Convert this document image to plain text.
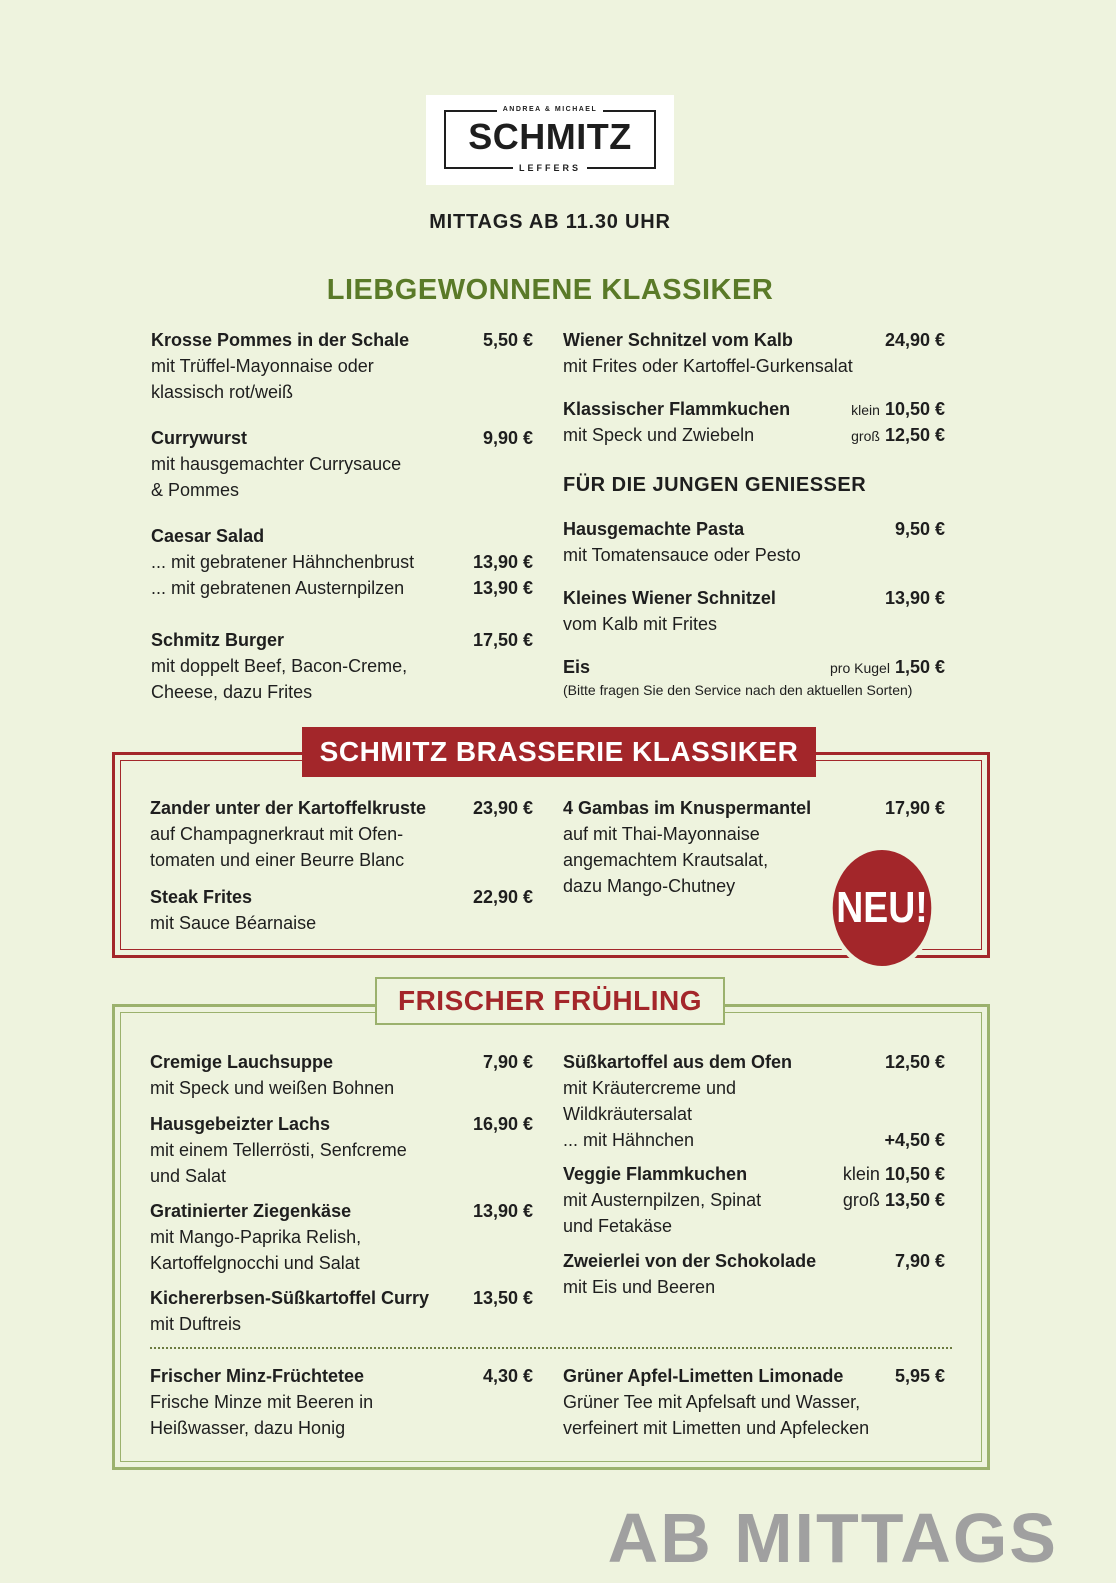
ANDREA & MICHAEL
SCHMITZ
LEFFERS
MITTAGS AB 11.30 UHR
LIEBGEWONNENE KLASSIKER
Krosse Pommes in der Schale	5,50 €
mit Trüffel-Mayonnaise oder
klassisch rot/weiß
Currywurst	9,90 €
mit hausgemachter Currysauce
& Pommes
Caesar Salad
... mit gebratener Hähnchenbrust	13,90 €
... mit gebratenen Austernpilzen	13,90 €
Schmitz Burger	17,50 €
mit doppelt Beef, Bacon-Creme,
Cheese, dazu Frites
Wiener Schnitzel vom Kalb	24,90 €
mit Frites oder Kartoffel-Gurkensalat
Klassischer Flammkuchen	klein 10,50 €
mit Speck und Zwiebeln	groß 12,50 €
FÜR DIE JUNGEN GENIESSER
Hausgemachte Pasta	9,50 €
mit Tomatensauce oder Pesto
Kleines Wiener Schnitzel	13,90 €
vom Kalb mit Frites
Eis	pro Kugel 1,50 €
(Bitte fragen Sie den Service nach den aktuellen Sorten)
SCHMITZ BRASSERIE KLASSIKER
Zander unter der Kartoffelkruste	23,90 €
auf Champagnerkraut mit Ofen-
tomaten und einer Beurre Blanc
Steak Frites	22,90 €
mit Sauce Béarnaise
4 Gambas im Knuspermantel	17,90 €
auf mit Thai-Mayonnaise
angemachtem Krautsalat,
dazu Mango-Chutney	NEU!
FRISCHER FRÜHLING
Cremige Lauchsuppe	7,90 €
mit Speck und weißen Bohnen
Hausgebeizter Lachs	16,90 €
mit einem Tellerrösti, Senfcreme
und Salat
Gratinierter Ziegenkäse	13,90 €
mit Mango-Paprika Relish,
Kartoffelgnocchi und Salat
Kichererbsen-Süßkartoffel Curry	13,50 €
mit Duftreis
Süßkartoffel aus dem Ofen	12,50 €
mit Kräutercreme und
Wildkräutersalat
... mit Hähnchen	+4,50 €
Veggie Flammkuchen	klein 10,50 €
mit Austernpilzen, Spinat	groß 13,50 €
und Fetakäse
Zweierlei von der Schokolade	7,90 €
mit Eis und Beeren
Frischer Minz-Früchtetee	4,30 €
Frische Minze mit Beeren in
Heißwasser, dazu Honig
Grüner Apfel-Limetten Limonade	5,95 €
Grüner Tee mit Apfelsaft und Wasser,
verfeinert mit Limetten und Apfelecken
AB MITTAGS
